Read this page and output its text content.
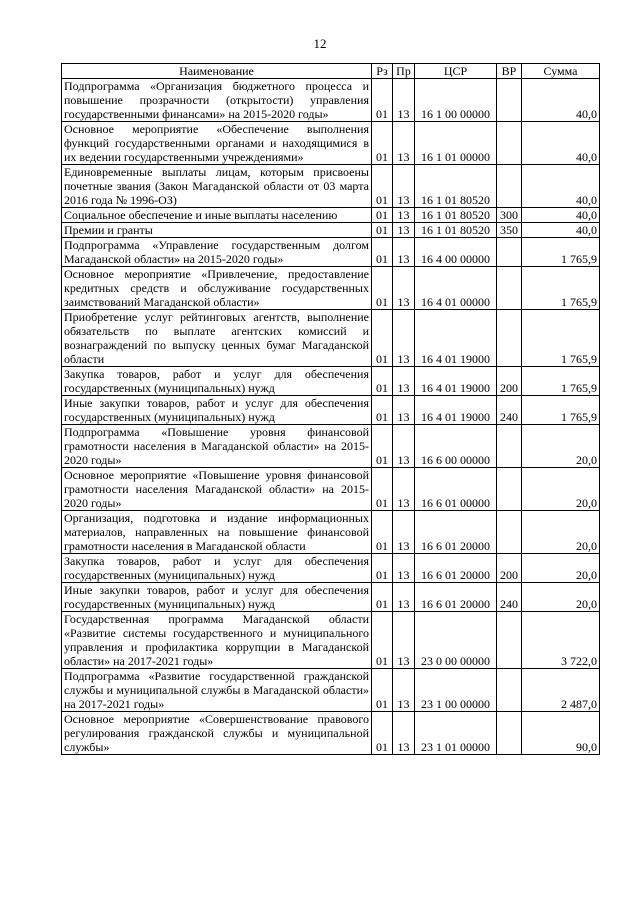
12
Наименование	Рз	Пр	ЦСР	ВР	Сумма
Подпрограмма «Организация бюджетного процесса и повышение прозрачности (открытости) управления государственными финансами» на 2015-2020 годы»	01	13	16 1 00 00000		40,0
Основное мероприятие «Обеспечение выполнения функций государственными органами и находящимися в их ведении государственными учреждениями»	01	13	16 1 01 00000		40,0
Единовременные выплаты лицам, которым присвоены почетные звания (Закон Магаданской области от 03 марта 2016 года № 1996-ОЗ)	01	13	16 1 01 80520		40,0
Социальное обеспечение и иные выплаты населению	01	13	16 1 01 80520	300	40,0
Премии и гранты	01	13	16 1 01 80520	350	40,0
Подпрограмма «Управление государственным долгом Магаданской области» на 2015-2020 годы»	01	13	16 4 00 00000		1 765,9
Основное мероприятие «Привлечение, предоставление кредитных средств и обслуживание государственных заимствований Магаданской области»	01	13	16 4 01 00000		1 765,9
Приобретение услуг рейтинговых агентств, выполнение обязательств по выплате агентских комиссий и вознаграждений по выпуску ценных бумаг Магаданской области	01	13	16 4 01 19000		1 765,9
Закупка товаров, работ и услуг для обеспечения государственных (муниципальных) нужд	01	13	16 4 01 19000	200	1 765,9
Иные закупки товаров, работ и услуг для обеспечения государственных (муниципальных) нужд	01	13	16 4 01 19000	240	1 765,9
Подпрограмма «Повышение уровня финансовой грамотности населения в Магаданской области» на 2015-2020 годы»	01	13	16 6 00 00000		20,0
Основное мероприятие «Повышение уровня финансовой грамотности населения Магаданской области» на 2015-2020 годы»	01	13	16 6 01 00000		20,0
Организация, подготовка и издание информационных материалов, направленных на повышение финансовой грамотности населения в Магаданской области	01	13	16 6 01 20000		20,0
Закупка товаров, работ и услуг для обеспечения государственных (муниципальных) нужд	01	13	16 6 01 20000	200	20,0
Иные закупки товаров, работ и услуг для обеспечения государственных (муниципальных) нужд	01	13	16 6 01 20000	240	20,0
Государственная программа Магаданской области «Развитие системы государственного и муниципального управления и профилактика коррупции в Магаданской области» на 2017-2021 годы»	01	13	23 0 00 00000		3 722,0
Подпрограмма «Развитие государственной гражданской службы и муниципальной службы в Магаданской области» на 2017-2021 годы»	01	13	23 1 00 00000		2 487,0
Основное мероприятие «Совершенствование правового регулирования гражданской службы и муниципальной службы»	01	13	23 1 01 00000		90,0
